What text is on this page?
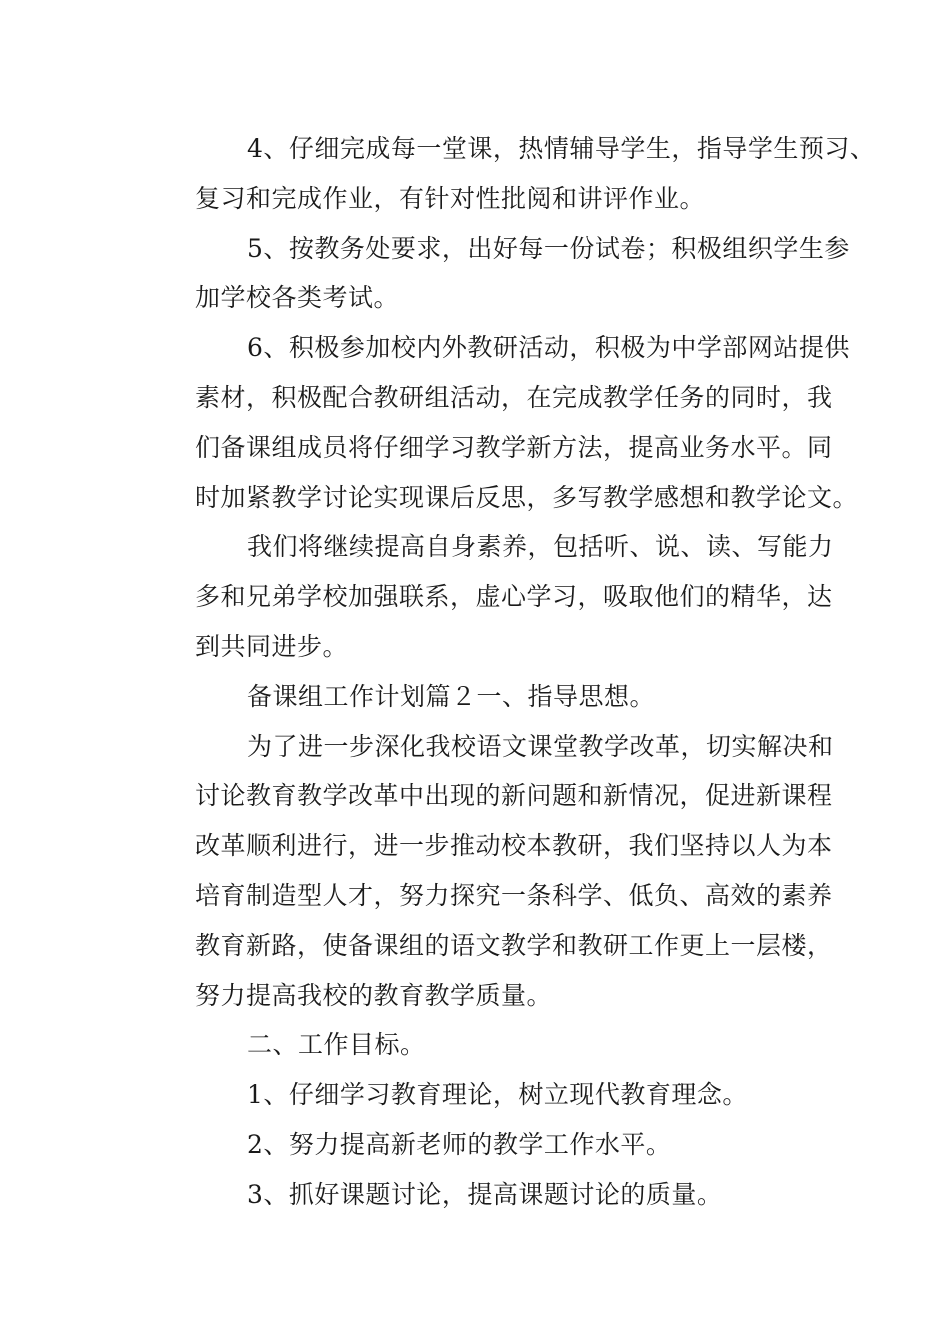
4、仔细完成每一堂课，热情辅导学生，指导学生预习、
复习和完成作业，有针对性批阅和讲评作业。
5、按教务处要求，出好每一份试卷；积极组织学生参
加学校各类考试。
6、积极参加校内外教研活动，积极为中学部网站提供
素材，积极配合教研组活动，在完成教学任务的同时，我
们备课组成员将仔细学习教学新方法，提高业务水平。同
时加紧教学讨论实现课后反思，多写教学感想和教学论文。
我们将继续提高自身素养，包括听、说、读、写能力
多和兄弟学校加强联系，虚心学习，吸取他们的精华，达
到共同进步。
备课组工作计划篇２一、指导思想。
为了进一步深化我校语文课堂教学改革，切实解决和
讨论教育教学改革中出现的新问题和新情况，促进新课程
改革顺利进行，进一步推动校本教研，我们坚持以人为本
培育制造型人才，努力探究一条科学、低负、高效的素养
教育新路，使备课组的语文教学和教研工作更上一层楼，
努力提高我校的教育教学质量。
二、工作目标。
1、仔细学习教育理论，树立现代教育理念。
2、努力提高新老师的教学工作水平。
3、抓好课题讨论，提高课题讨论的质量。
